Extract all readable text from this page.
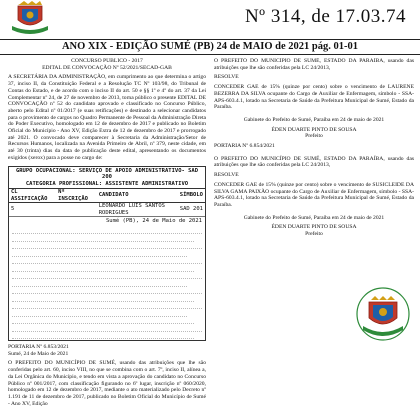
Nº 314, de 17.03.74
ANO XIX - EDIÇÃO SUMÉ (PB) 24 de MAIO de 2021 pág. 01-01

CONCURSO PÚBLICO - 2017

EDITAL DE CONVOCAÇÃO Nº 52/2021/SECAD-GAB

A SECRETÁRIA DA ADMINISTRAÇÃO, em cumprimento ao que determina o artigo 37, inciso II, da Constituição Federal e a Resolução TC Nº 103/98, do Tribunal de Contas do Estado, e de acordo com o inciso II do art. 50 e §§ 1º e 4º do art. 37 da Lei Complementar nº 24, de 27 de novembro de 2013, torna público o presente EDITAL DE CONVOCAÇÃO nº 52 do candidato aprovado e classificado no Concurso Público, aberto pelo Edital nº 01/2017 (e suas retificações) e destinado a selecionar candidatos para o provimento de cargos no Quadro Permanente de Pessoal da Administração Direta do Poder Executivo, homologado em 12 de dezembro de 2017 e publicado no Boletim Oficial do Município - Ano XV, Edição Extra de 12 de dezembro de 2017 e prorrogado até 2021. O convocado deve comparecer à Secretaria da Administração/Setor de Recursos Humanos, localizada na Avenida Primeiro de Abril, nº 379, neste cidade, em até 30 (trinta) dias da data de publicação deste edital, apresentando os documentos exigidos (xerox) para a posse no cargo de:

GRUPO OCUPACIONAL: SERVIÇO DE APOIO ADMINISTRATIVO- SAD 200
CATEGORIA PROFISSIONAL: ASSISTENTE ADMINISTRATIVO
CL ASSIFICAÇÃO	Nº INSCRIÇÃO	CANDIDATO	SÍMBOLO
5		LEONARDO LUIS SANTOS RODRIGUES	SAD 201
Sumé (PB), 24 de Maio de 2021

PORTARIA Nº 6.853/2021

Sumé, 24 de Maio de 2021

O PREFEITO DO MUNICÍPIO DE SUMÉ, usando das atribuições que lhe são conferidas pelo art. 60, inciso VIII, no que se combina com o art. 7º, inciso II, alínea a, da Lei Orgânica do Município, e tendo em vista a aprovação do candidato no Concurso Público nº 001/2017, com classificação figurando no 6º lugar, inscrição nº 060/2020, homologado em 12 de dezembro de 2017, mediante o ato materializado pelo Decreto nº 1.191 de 11 de dezembro de 2017, publicado no Boletim Oficial do Município de Sumé - Ano XV, Edição

O PREFEITO DO MUNICÍPIO DE SUMÉ, ESTADO DA PARAÍBA, usando das atribuições que lhe são conferidas pela LC 24/2013,

RESOLVE

CONCEDER GAE de 15% (quinze por cento) sobre o vencimento de LAURENE BEZERRA DA SILVA ocupante do Cargo de Auxiliar de Enfermagem, símbolo - SSA-APS-603.4.1, lotado na Secretaria de Saúde da Prefeitura Municipal de Sumé, Estado da Paraíba.

Gabinete do Prefeito de Sumé, Paraíba em 24 de maio de 2021

ÉDEN DUARTE PINTO DE SOUSA

Prefeito

PORTARIA Nº 6.854/2021

O PREFEITO DO MUNICÍPIO DE SUMÉ, ESTADO DA PARAÍBA, usando das atribuições que lhe são conferidas pela LC 24/2013,

RESOLVE

CONCEDER GAE de 15% (quinze por cento) sobre o vencimento de SUSICLEIDE DA SILVA GAMA PAIXÃO ocupante do Cargo de Auxiliar de Enfermagem, símbolo - SSA-APS-603.4.1, lotado na Secretaria de Saúde da Prefeitura Municipal de Sumé, Estado da Paraíba.

Gabinete do Prefeito de Sumé, Paraíba em 24 de maio de 2021

ÉDEN DUARTE PINTO DE SOUSA

Prefeito
